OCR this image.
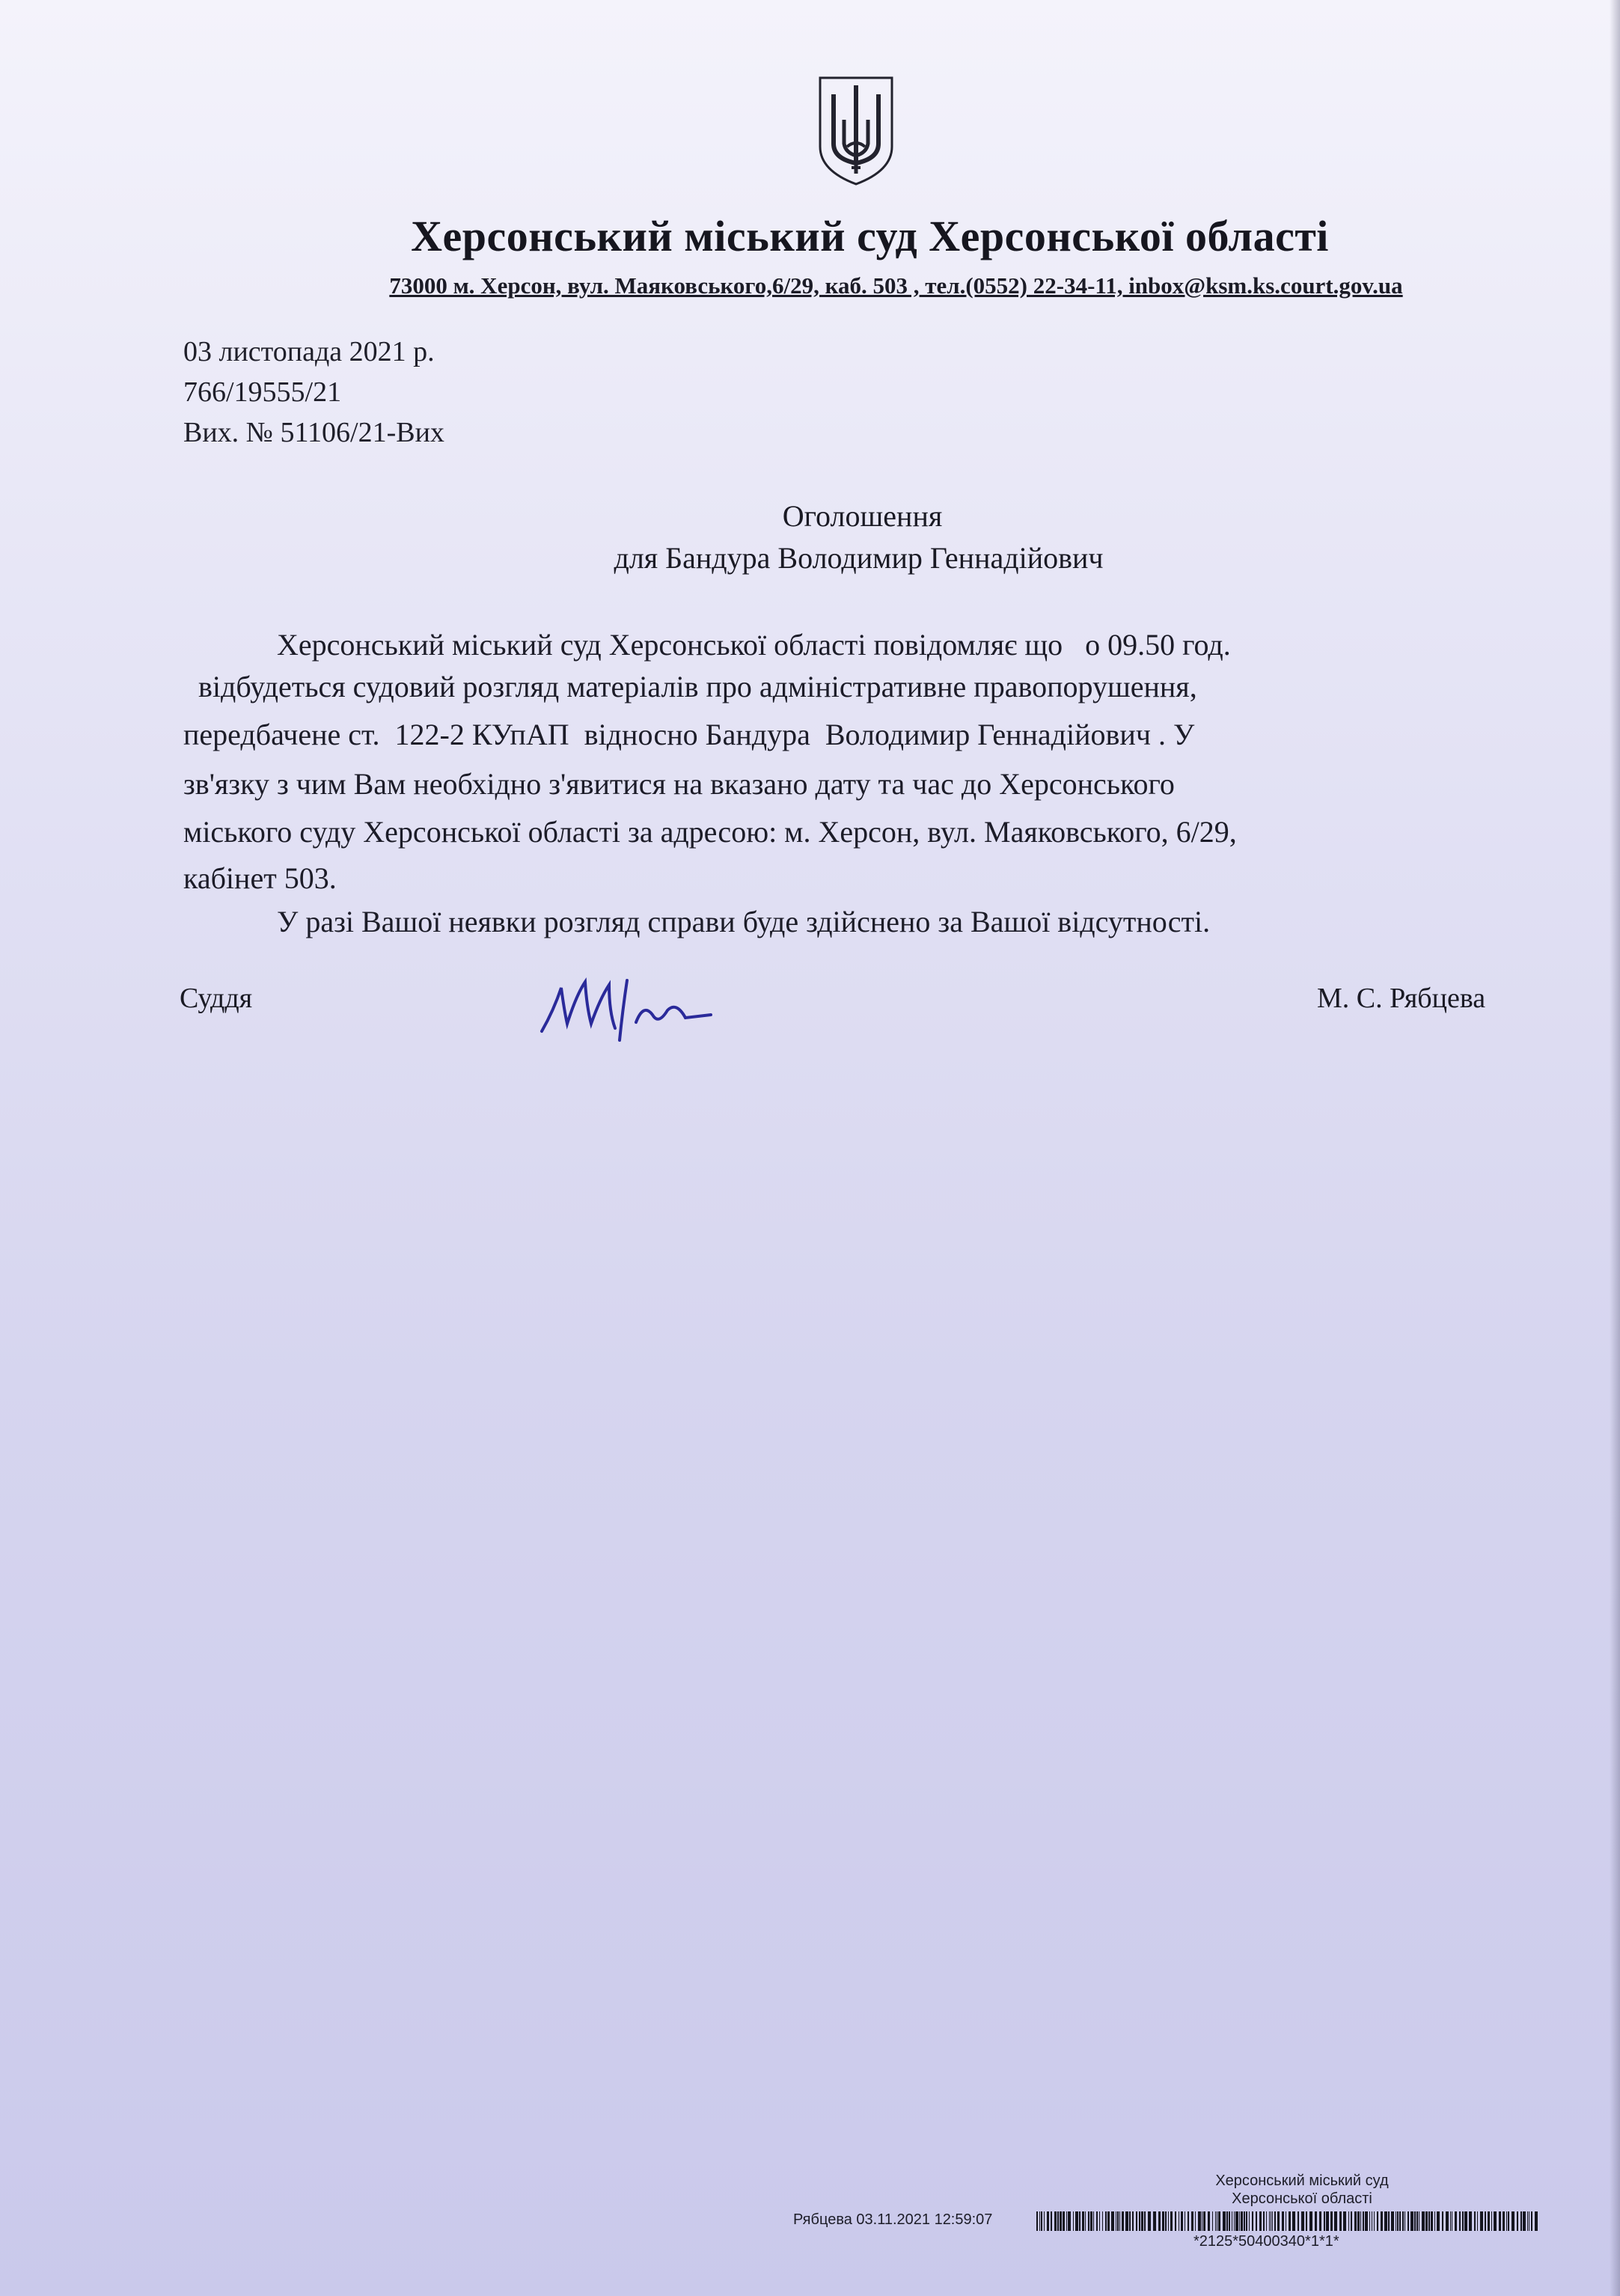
Херсонський міський суд Херсонської області
73000 м. Херсон, вул. Маяковського,6/29, каб. 503 , тел.(0552) 22-34-11, inbox@ksm.ks.court.gov.ua
03 листопада 2021 р.
766/19555/21
Вих. № 51106/21-Вих
Оголошення
для Бандура Володимир Геннадійович
Херсонський міський суд Херсонської області повідомляє що   о 09.50 год.
відбудеться судовий розгляд матеріалів про адміністративне правопорушення,
передбачене ст.  122-2 КУпАП  відносно Бандура  Володимир Геннадійович . У
зв'язку з чим Вам необхідно з'явитися на вказано дату та час до Херсонського
міського суду Херсонської області за адресою: м. Херсон, вул. Маяковського, 6/29,
кабінет 503.
У разі Вашої неявки розгляд справи буде здійснено за Вашої відсутності.
Суддя	М. С. Рябцева
Херсонський міський суд
Херсонської області
Рябцева 03.11.2021 12:59:07
*2125*50400340*1*1*
